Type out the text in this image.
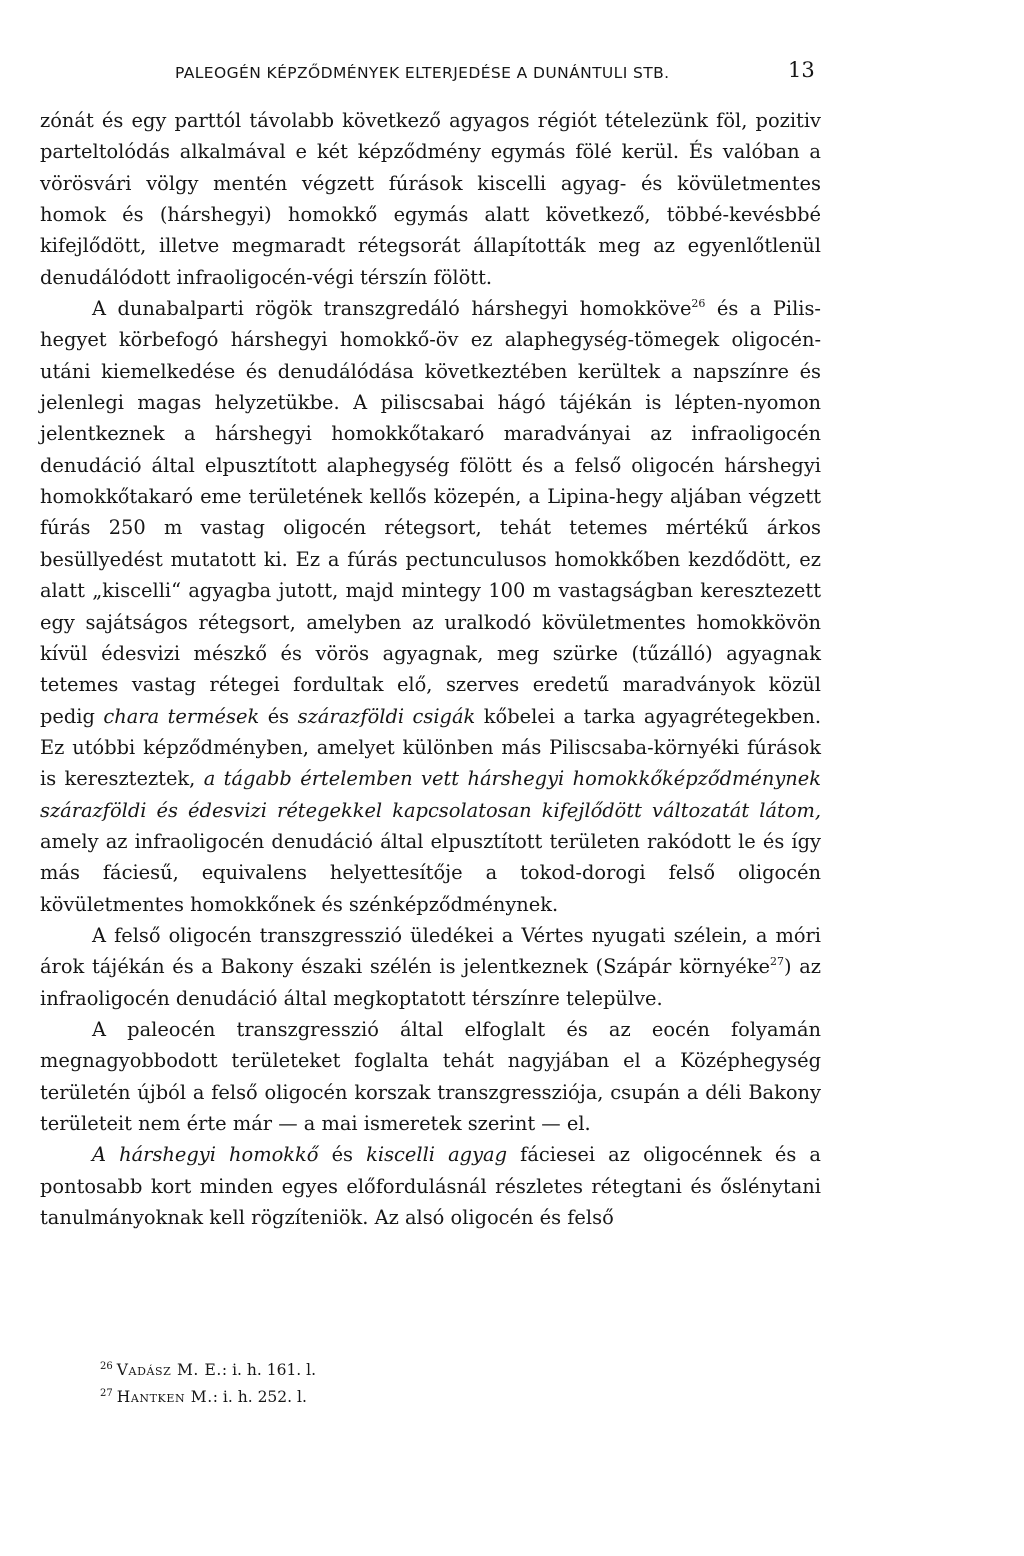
PALEOGÉN KÉPZŐDMÉNYEK ELTERJEDÉSE A DUNÁNTULI STB.	13

zónát és egy parttól távolabb következő agyagos régiót tételezünk föl, pozitiv parteltolódás alkalmával e két képződmény egymás fölé kerül. És valóban a vörösvári völgy mentén végzett fúrások kiscelli agyag- és kövületmentes homok és (hárshegyi) homokkő egymás alatt következő, többé-kevésbbé kifejlődött, illetve megmaradt rétegsorát állapították meg az egyenlőtlenül denudálódott infraoligocén-végi térszín fölött.

A dunabalparti rögök transzgredáló hárshegyi homokköve$^{26}$ és a Pilis-hegyet körbefogó hárshegyi homokkő-öv ez alaphegység-tömegek oligocén-utáni kiemelkedése és denudálódása következtében kerültek a napszínre és jelenlegi magas helyzetükbe. A piliscsabai hágó tájékán is lépten-nyomon jelentkeznek a hárshegyi homokkőtakaró maradványai az infraoligocén denudáció által elpusztított alaphegység fölött és a felső oligocén hárshegyi homokkőtakaró eme területének kellős közepén, a Lipina-hegy aljában végzett fúrás 250 m vastag oligocén rétegsort, tehát tetemes mértékű árkos besüllyedést mutatott ki. Ez a fúrás pectunculusos homokkőben kezdődött, ez alatt „kiscelli“ agyagba jutott, majd mintegy 100 m vastagságban keresztezett egy sajátságos rétegsort, amelyben az uralkodó kövületmentes homokkövön kívül édesvizi mészkő és vörös agyagnak, meg szürke (tűzálló) agyagnak tetemes vastag rétegei fordultak elő, szerves eredetű maradványok közül pedig chara termések és szárazföldi csigák kőbelei a tarka agyagrétegekben. Ez utóbbi képződményben, amelyet különben más Piliscsaba-környéki fúrások is kereszteztek, a tágabb értelemben vett hárshegyi homokkőképződménynek szárazföldi és édesvizi rétegekkel kapcsolatosan kifejlődött változatát látom, amely az infraoligocén denudáció által elpusztított területen rakódott le és így más fáciesű, equivalens helyettesítője a tokod-dorogi felső oligocén kövületmentes homokkőnek és szénképződménynek.

A felső oligocén transzgresszió üledékei a Vértes nyugati szélein, a móri árok tájékán és a Bakony északi szélén is jelentkeznek (Szápár környéke$^{27}$) az infraoligocén denudáció által megkoptatott térszínre települve.

A paleocén transzgresszió által elfoglalt és az eocén folyamán megnagyobbodott területeket foglalta tehát nagyjában el a Középhegység területén újból a felső oligocén korszak transzgressziója, csupán a déli Bakony területeit nem érte már — a mai ismeretek szerint — el.

A hárshegyi homokkő és kiscelli agyag fáciesei az oligocénnek és a pontosabb kort minden egyes előfordulásnál részletes rétegtani és őslénytani tanulmányoknak kell rögzíteniök. Az alsó oligocén és felső

$^{26}$ Vadász M. E.: i. h. 161. l.
$^{27}$ Hantken M.: i. h. 252. l.
